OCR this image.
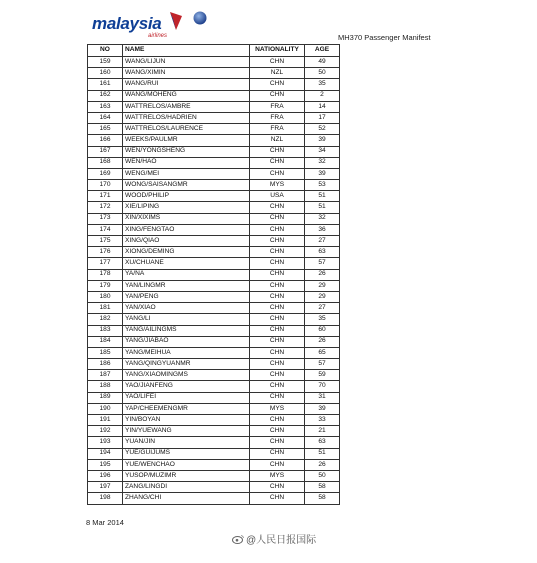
malaysia
airlines	MH370 Passenger Manifest
NO	NAME	NATIONALITY	AGE
159	WANG/LIJUN	CHN	49
160	WANG/XIMIN	NZL	50
161	WANG/RUI	CHN	35
162	WANG/MOHENG	CHN	2
163	WATTRELOS/AMBRE	FRA	14
164	WATTRELOS/HADRIEN	FRA	17
165	WATTRELOS/LAURENCE	FRA	52
166	WEEKS/PAULMR	NZL	39
167	WEN/YONGSHENG	CHN	34
168	WEN/HAO	CHN	32
169	WENG/MEI	CHN	39
170	WONG/SAISANGMR	MYS	53
171	WOOD/PHILIP	USA	51
172	XIE/LIPING	CHN	51
173	XIN/XIXIMS	CHN	32
174	XING/FENGTAO	CHN	36
175	XING/QIAO	CHN	27
176	XIONG/DEMING	CHN	63
177	XU/CHUANE	CHN	57
178	YA/NA	CHN	26
179	YAN/LINGMR	CHN	29
180	YAN/PENG	CHN	29
181	YAN/XIAO	CHN	27
182	YANG/LI	CHN	35
183	YANG/AILINGMS	CHN	60
184	YANG/JIABAO	CHN	26
185	YANG/MEIHUA	CHN	65
186	YANG/QINGYUANMR	CHN	57
187	YANG/XIAOMINGMS	CHN	59
188	YAO/JIANFENG	CHN	70
189	YAO/LIFEI	CHN	31
190	YAP/CHEEMENGMR	MYS	39
191	YIN/BOYAN	CHN	33
192	YIN/YUEWANG	CHN	21
193	YUAN/JIN	CHN	63
194	YUE/GUIJUMS	CHN	51
195	YUE/WENCHAO	CHN	26
196	YUSOP/MUZIMR	MYS	50
197	ZANG/LINGDI	CHN	58
198	ZHANG/CHI	CHN	58
8 Mar 2014
@人民日报国际
